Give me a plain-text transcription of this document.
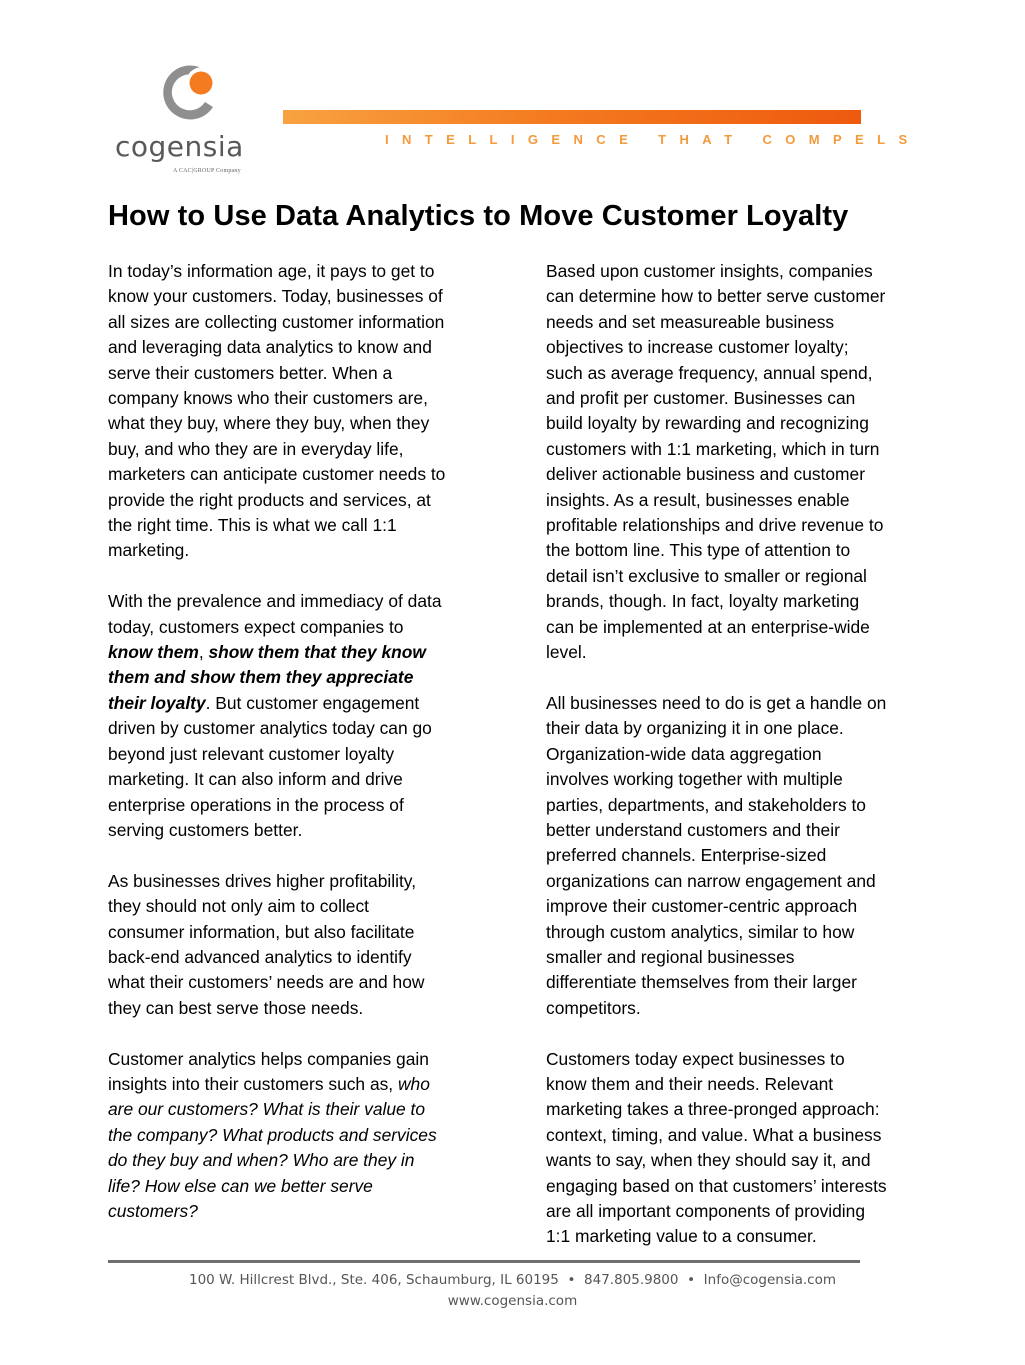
cogensia
A CAC|GROUP Company
INTELLIGENCE THAT COMPELS
How to Use Data Analytics to Move Customer Loyalty

In today’s information age, it pays to get to
know your customers. Today, businesses of
all sizes are collecting customer information
and leveraging data analytics to know and
serve their customers better. When a
company knows who their customers are,
what they buy, where they buy, when they
buy, and who they are in everyday life,
marketers can anticipate customer needs to
provide the right products and services, at
the right time. This is what we call 1:1
marketing.

With the prevalence and immediacy of data
today, customers expect companies to
know them, show them that they know
them and show them they appreciate
their loyalty. But customer engagement
driven by customer analytics today can go
beyond just relevant customer loyalty
marketing. It can also inform and drive
enterprise operations in the process of
serving customers better.

As businesses drives higher profitability,
they should not only aim to collect
consumer information, but also facilitate
back-end advanced analytics to identify
what their customers’ needs are and how
they can best serve those needs.

Customer analytics helps companies gain
insights into their customers such as, who
are our customers? What is their value to
the company? What products and services
do they buy and when? Who are they in
life? How else can we better serve
customers?

Based upon customer insights, companies
can determine how to better serve customer
needs and set measureable business
objectives to increase customer loyalty;
such as average frequency, annual spend,
and profit per customer. Businesses can
build loyalty by rewarding and recognizing
customers with 1:1 marketing, which in turn
deliver actionable business and customer
insights. As a result, businesses enable
profitable relationships and drive revenue to
the bottom line. This type of attention to
detail isn’t exclusive to smaller or regional
brands, though. In fact, loyalty marketing
can be implemented at an enterprise-wide
level.

All businesses need to do is get a handle on
their data by organizing it in one place.
Organization-wide data aggregation
involves working together with multiple
parties, departments, and stakeholders to
better understand customers and their
preferred channels. Enterprise-sized
organizations can narrow engagement and
improve their customer-centric approach
through custom analytics, similar to how
smaller and regional businesses
differentiate themselves from their larger
competitors.

Customers today expect businesses to
know them and their needs. Relevant
marketing takes a three-pronged approach:
context, timing, and value. What a business
wants to say, when they should say it, and
engaging based on that customers’ interests
are all important components of providing
1:1 marketing value to a consumer.

100 W. Hillcrest Blvd., Ste. 406, Schaumburg, IL 60195 • 847.805.9800 • Info@cogensia.com
www.cogensia.com
